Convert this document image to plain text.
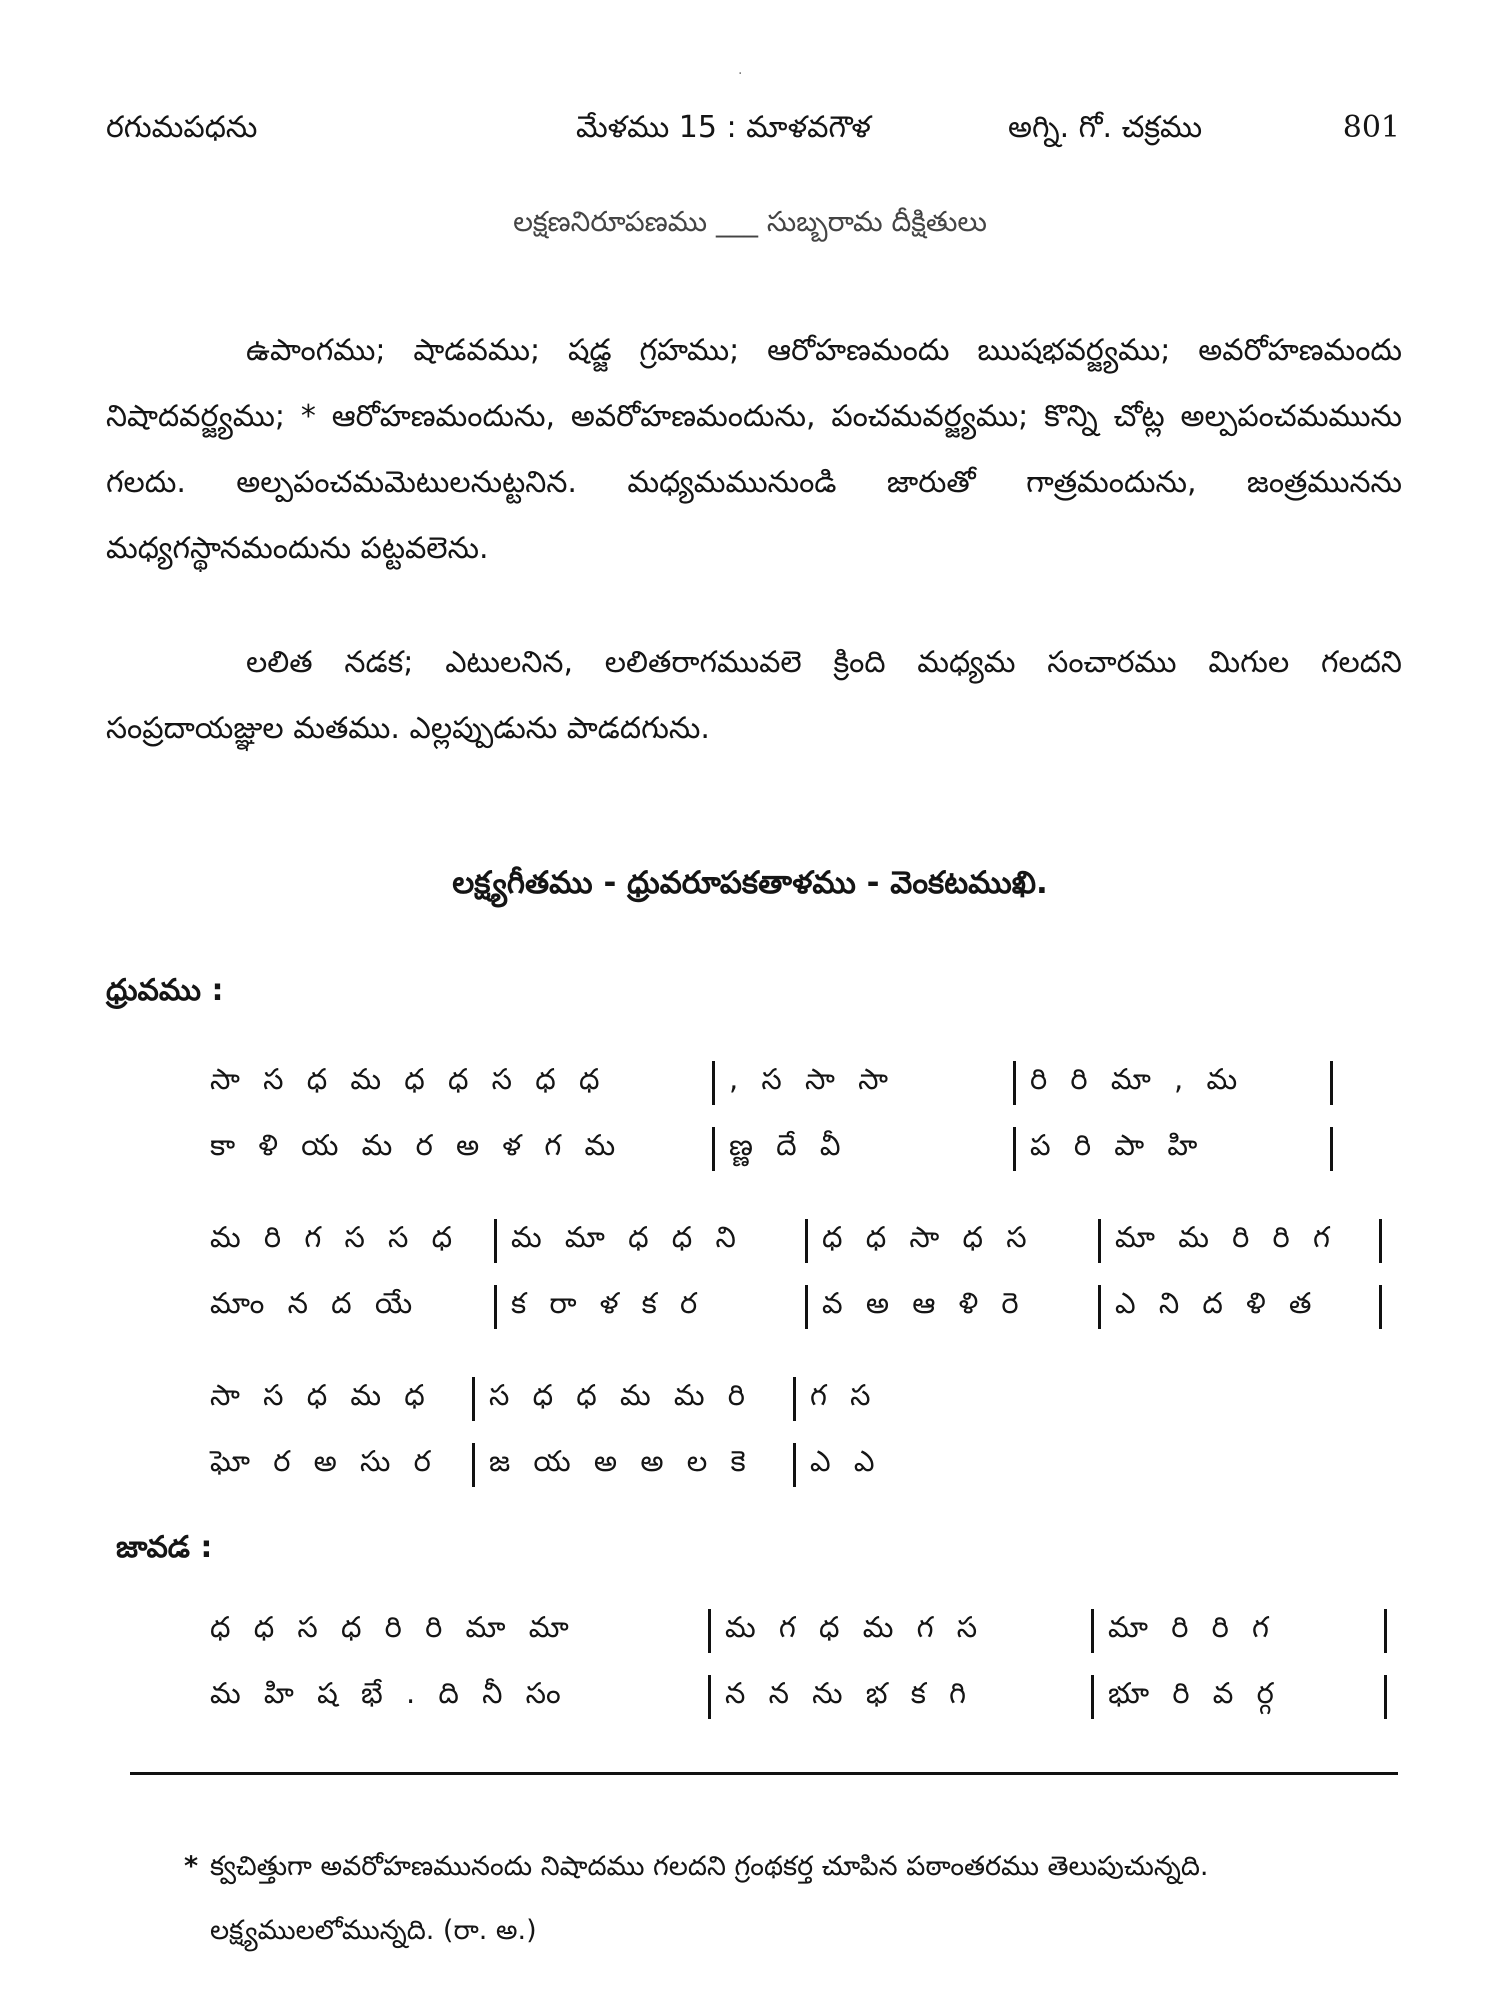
·
రగుమపధను	మేళము 15 : మాళవగౌళ	అగ్ని. గో. చక్రము	801
లక్షణనిరూపణము ___ సుబ్బరామ దీక్షితులు

ఉపాంగము; షాడవము; షడ్జ గ్రహము; ఆరోహణమందు ఋషభవర్జ్యము; అవరోహణమందు నిషాదవర్జ్యము; * ఆరోహణమందును, అవరోహణమందును, పంచమవర్జ్యము; కొన్ని చోట్ల అల్పపంచమమును గలదు. అల్పపంచమమెటులనుట్టనిన. మధ్యమమునుండి జారుతో గాత్రమందును, జంత్రమునను మధ్యగస్థానమందును పట్టవలెను.

లలిత నడక; ఎటులనిన, లలితరాగమువలె క్రింది మధ్యమ సంచారము మిగుల గలదని సంప్రదాయజ్ఞుల మతము. ఎల్లప్పుడును పాడదగును.

లక్ష్యగీతము - ధ్రువరూపకతాళము - వెంకటముఖి.
ధ్రువము :
సా స ధ మ ధ ధ స ధ ధ	, స సా సా	రి రి మా , మ
కా ళి య మ ర అ ళ గ మ	ణ్ణ దే వీ	ప రి పా హి
మ రి గ స స ధ	మ మా ధ ధ ని	ధ ధ సా ధ స	మా మ రి రి గ
మాం న ద యే	క రా ళ క ర	వ అ ఆ ళి రె	ఎ ని ద ళి త
సా స ధ మ ధ	స ధ ధ మ మ రి	గ స
ఘో ర అ సు ర	జ య అ అ ల కె	ఎ ఎ
జావడ :
ధ ధ స ధ రి రి మా మా	మ గ ధ మ గ స	మా రి రి గ
మ హి ష భే . ది నీ సం	న న ను భ క గి	భూ రి వ ర్గ
* క్వచిత్తుగా అవరోహణమునందు నిషాదము గలదని గ్రంథకర్త చూపిన పఠాంతరము తెలుపుచున్నది. లక్ష్యములలోమున్నది. (రా. అ.)
